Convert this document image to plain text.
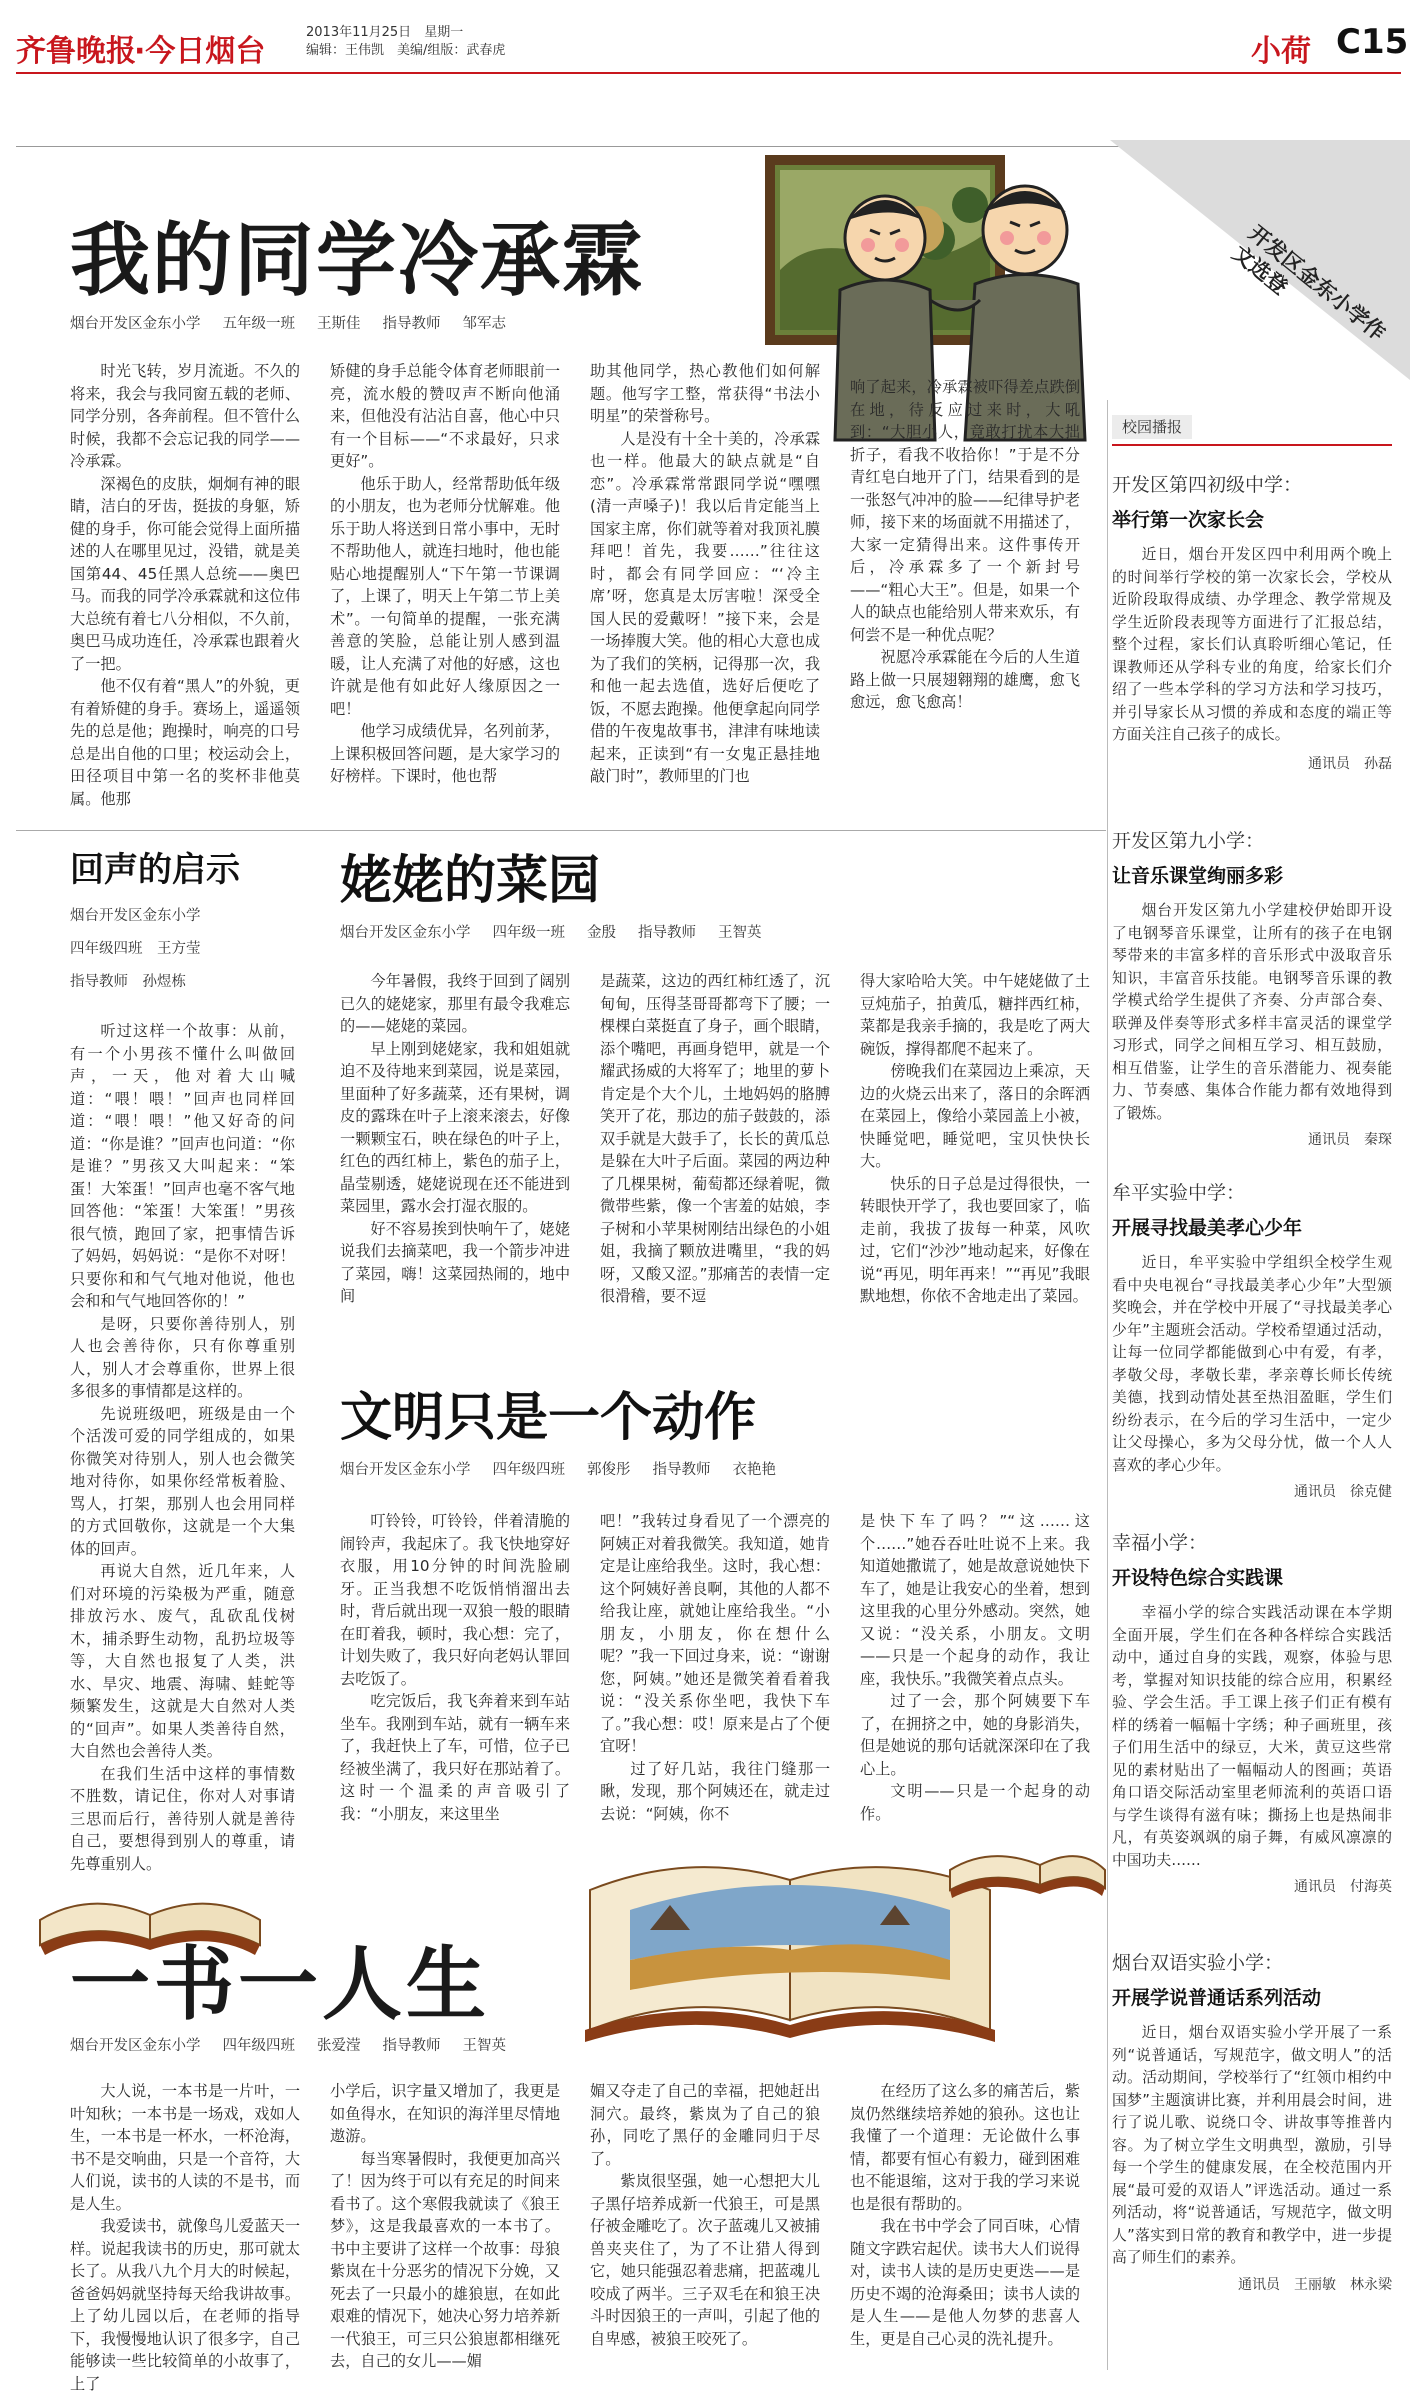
齐鲁晚报
·今日烟台
2013年11月25日　 星期一
编辑：王伟凯　美编/组版：武春虎	小荷 C15
开发区金东小学作文选登
我的同学冷承霖
烟台开发区金东小学 五年级一班 王斯佳 指导教师 邹军志

时光飞转，岁月流逝。不久的将来，我会与我同窗五载的老师、同学分别，各奔前程。但不管什么时候，我都不会忘记我的同学——冷承霖。

深褐色的皮肤，炯炯有神的眼睛，洁白的牙齿，挺拔的身躯，矫健的身手，你可能会觉得上面所描述的人在哪里见过，没错，就是美国第44、45任黑人总统——奥巴马。而我的同学冷承霖就和这位伟大总统有着七八分相似，不久前，奥巴马成功连任，冷承霖也跟着火了一把。

他不仅有着“黑人”的外貌，更有着矫健的身手。赛场上，遥遥领先的总是他；跑操时，响亮的口号总是出自他的口里；校运动会上，田径项目中第一名的奖杯非他莫属。他那

矫健的身手总能令体育老师眼前一亮，流水般的赞叹声不断向他涌来，但他没有沾沾自喜，他心中只有一个目标——“不求最好，只求更好”。

他乐于助人，经常帮助低年级的小朋友，也为老师分忧解难。他乐于助人将送到日常小事中，无时不帮助他人，就连扫地时，他也能贴心地提醒别人“下午第一节课调了，上课了，明天上午第二节上美术”。一句简单的提醒，一张充满善意的笑脸，总能让别人感到温暖，让人充满了对他的好感，这也许就是他有如此好人缘原因之一吧！

他学习成绩优异，名列前茅，上课积极回答问题，是大家学习的好榜样。下课时，他也帮

助其他同学，热心教他们如何解题。他写字工整，常获得“书法小明星”的荣誉称号。

人是没有十全十美的，冷承霖也一样。他最大的缺点就是“自恋”。冷承霖常常跟同学说“嘿嘿(清一声嗓子)！我以后肯定能当上国家主席，你们就等着对我顶礼膜拜吧！首先，我要……”往往这时，都会有同学回应：“‘冷主席’呀，您真是太厉害啦！深受全国人民的爱戴呀！”接下来，会是一场捧腹大笑。他的相心大意也成为了我们的笑柄，记得那一次，我和他一起去选值，选好后便吃了饭，不愿去跑操。他便拿起向同学借的午夜鬼故事书，津津有味地读起来，正读到“有一女鬼正悬挂地敲门时”，教师里的门也

响了起来，冷承霖被吓得差点跌倒在地，待反应过来时，大吼到：“大胆小人，竟敢打扰本大拙折子，看我不收拾你！”于是不分青红皂白地开了门，结果看到的是一张怒气冲冲的脸——纪律导护老师，接下来的场面就不用描述了，大家一定猜得出来。这件事传开后，冷承霖多了一个新封号——“粗心大王”。但是，如果一个人的缺点也能给别人带来欢乐，有何尝不是一种优点呢？

祝愿冷承霖能在今后的人生道路上做一只展翅翱翔的雄鹰，愈飞愈远，愈飞愈高！

回声的启示
烟台开发区金东小学
四年级四班　王方莹
指导教师　孙煜栋

听过这样一个故事：从前，有一个小男孩不懂什么叫做回声，一天，他对着大山喊道：“喂！喂！”回声也同样回道：“喂！喂！”他又好奇的问道：“你是谁？”回声也问道：“你是谁？”男孩又大叫起来：“笨蛋！大笨蛋！”回声也毫不客气地回答他：“笨蛋！大笨蛋！”男孩很气愤，跑回了家，把事情告诉了妈妈，妈妈说：“是你不对呀！只要你和和气气地对他说，他也会和和气气地回答你的！”

是呀，只要你善待别人，别人也会善待你，只有你尊重别人，别人才会尊重你，世界上很多很多的事情都是这样的。

先说班级吧，班级是由一个个活泼可爱的同学组成的，如果你微笑对待别人，别人也会微笑地对待你，如果你经常板着脸、骂人，打架，那别人也会用同样的方式回敬你，这就是一个大集体的回声。

再说大自然，近几年来，人们对环境的污染极为严重，随意排放污水、废气，乱砍乱伐树木，捕杀野生动物，乱扔垃圾等等，大自然也报复了人类，洪水、旱灾、地震、海啸、蛙蛇等频繁发生，这就是大自然对人类的“回声”。如果人类善待自然，大自然也会善待人类。

在我们生活中这样的事情数不胜数，请记住，你对人对事请三思而后行，善待别人就是善待自己，要想得到别人的尊重，请先尊重别人。

姥姥的菜园
烟台开发区金东小学 四年级一班 金殷 指导教师 王智英

今年暑假，我终于回到了阔别已久的姥姥家，那里有最令我难忘的——姥姥的菜园。

早上刚到姥姥家，我和姐姐就迫不及待地来到菜园，说是菜园，里面种了好多蔬菜，还有果树，调皮的露珠在叶子上滚来滚去，好像一颗颗宝石，映在绿色的叶子上，红色的西红柿上，紫色的茄子上，晶莹剔透，姥姥说现在还不能进到菜园里，露水会打湿衣服的。

好不容易挨到快响午了，姥姥说我们去摘菜吧，我一个箭步冲进了菜园，嗨！这菜园热闹的，地中间

是蔬菜，这边的西红柿红透了，沉甸甸，压得茎哥哥都弯下了腰；一棵棵白菜挺直了身子，画个眼睛，添个嘴吧，再画身铠甲，就是一个耀武扬威的大将军了；地里的萝卜肯定是个大个儿，土地妈妈的胳膊笑开了花，那边的茄子鼓鼓的，添双手就是大鼓手了，长长的黄瓜总是躲在大叶子后面。菜园的两边种了几棵果树，葡萄都还绿着呢，微微带些紫，像一个害羞的姑娘，李子树和小苹果树刚结出绿色的小姐姐，我摘了颗放进嘴里，“我的妈呀，又酸又涩。”那痛苦的表情一定很滑稽，要不逗

得大家哈哈大笑。中午姥姥做了土豆炖茄子，拍黄瓜，糖拌西红柿，菜都是我亲手摘的，我是吃了两大碗饭，撑得都爬不起来了。

傍晚我们在菜园边上乘凉，天边的火烧云出来了，落日的余晖洒在菜园上，像给小菜园盖上小被，快睡觉吧，睡觉吧，宝贝快快长大。

快乐的日子总是过得很快，一转眼快开学了，我也要回家了，临走前，我拔了拔每一种菜，风吹过，它们“沙沙”地动起来，好像在说“再见，明年再来！”“再见”我眼默地想，你依不舍地走出了菜园。

文明只是一个动作
烟台开发区金东小学 四年级四班 郭俊彤 指导教师 衣艳艳

叮铃铃，叮铃铃，伴着清脆的闹铃声，我起床了。我飞快地穿好衣服，用10分钟的时间洗脸刷牙。正当我想不吃饭悄悄溜出去时，背后就出现一双狼一般的眼睛在盯着我，顿时，我心想：完了，计划失败了，我只好向老妈认罪回去吃饭了。

吃完饭后，我飞奔着来到车站坐车。我刚到车站，就有一辆车来了，我赶快上了车，可惜，位子已经被坐满了，我只好在那站着了。这时一个温柔的声音吸引了我：“小朋友，来这里坐

吧！”我转过身看见了一个漂亮的阿姨正对着我微笑。我知道，她肯定是让座给我坐。这时，我心想：这个阿姨好善良啊，其他的人都不给我让座，就她让座给我坐。“小朋友，小朋友，你在想什么呢？”我一下回过身来，说：“谢谢您，阿姨。”她还是微笑着看着我说：“没关系你坐吧，我快下车了。”我心想：哎！原来是占了个便宜呀！

过了好几站，我往门缝那一瞅，发现，那个阿姨还在，就走过去说：“阿姨，你不

是快下车了吗？”“这……这个……”她吞吞吐吐说不上来。我知道她撒谎了，她是故意说她快下车了，她是让我安心的坐着，想到这里我的心里分外感动。突然，她又说：“没关系，小朋友。文明——只是一个起身的动作，我让座，我快乐。”我微笑着点点头。

过了一会，那个阿姨要下车了，在拥挤之中，她的身影消失，但是她说的那句话就深深印在了我心上。

文明——只是一个起身的动作。

一书一人生
烟台开发区金东小学 四年级四班 张爱滢 指导教师 王智英

大人说，一本书是一片叶，一叶知秋；一本书是一场戏，戏如人生，一本书是一杯水，一杯沧海，书不是交响曲，只是一个音符，大人们说，读书的人读的不是书，而是人生。

我爱读书，就像鸟儿爱蓝天一样。说起我读书的历史，那可就太长了。从我八九个月大的时候起，爸爸妈妈就坚持每天给我讲故事。上了幼儿园以后，在老师的指导下，我慢慢地认识了很多字，自己能够读一些比较简单的小故事了，上了

小学后，识字量又增加了，我更是如鱼得水，在知识的海洋里尽情地遨游。

每当寒暑假时，我便更加高兴了！因为终于可以有充足的时间来看书了。这个寒假我就读了《狼王梦》，这是我最喜欢的一本书了。书中主要讲了这样一个故事：母狼紫岚在十分恶劣的情况下分娩，又死去了一只最小的雄狼崽，在如此艰难的情况下，她决心努力培养新一代狼王，可三只公狼崽都相继死去，自己的女儿——媚

媚又夺走了自己的幸福，把她赶出洞穴。最终，紫岚为了自己的狼孙，同吃了黑仔的金雕同归于尽了。

紫岚很坚强，她一心想把大儿子黑仔培养成新一代狼王，可是黑仔被金雕吃了。次子蓝魂儿又被捕兽夹夹住了，为了不让猎人得到它，她只能强忍着悲痛，把蓝魂儿咬成了两半。三子双毛在和狼王决斗时因狼王的一声叫，引起了他的自卑感，被狼王咬死了。

在经历了这么多的痛苦后，紫岚仍然继续培养她的狼孙。这也让我懂了一个道理：无论做什么事情，都要有恒心有毅力，碰到困难也不能退缩，这对于我的学习来说也是很有帮助的。

我在书中学会了同百味，心情随文字跌宕起伏。读书大人们说得对，读书人读的是历史更迭——是历史不竭的沧海桑田；读书人读的是人生——是他人勿梦的悲喜人生，更是自己心灵的洗礼提升。

校园播报
开发区第四初级中学：
举行第一次家长会

近日，烟台开发区四中利用两个晚上的时间举行学校的第一次家长会，学校从近阶段取得成绩、办学理念、教学常规及学生近阶段表现等方面进行了汇报总结，整个过程，家长们认真聆听细心笔记，任课教师还从学科专业的角度，给家长们介绍了一些本学科的学习方法和学习技巧，并引导家长从习惯的养成和态度的端正等方面关注自己孩子的成长。

通讯员　孙磊
开发区第九小学：
让音乐课堂绚丽多彩

烟台开发区第九小学建校伊始即开设了电钢琴音乐课堂，让所有的孩子在电钢琴带来的丰富多样的音乐形式中汲取音乐知识，丰富音乐技能。电钢琴音乐课的教学模式给学生提供了齐奏、分声部合奏、联弹及伴奏等形式多样丰富灵活的课堂学习形式，同学之间相互学习、相互鼓励，相互借鉴，让学生的音乐潜能力、视奏能力、节奏感、集体合作能力都有效地得到了锻炼。

通讯员　秦琛
牟平实验中学：
开展寻找最美孝心少年

近日，牟平实验中学组织全校学生观看中央电视台“寻找最美孝心少年”大型颁奖晚会，并在学校中开展了“寻找最美孝心少年”主题班会活动。学校希望通过活动，让每一位同学都能做到心中有爱，有孝，孝敬父母，孝敬长辈，孝亲尊长师长传统美德，找到动情处甚至热泪盈眶，学生们纷纷表示，在今后的学习生活中，一定少让父母操心，多为父母分忧，做一个人人喜欢的孝心少年。

通讯员　徐克健
幸福小学：
开设特色综合实践课

幸福小学的综合实践活动课在本学期全面开展，学生们在各种各样综合实践活动中，通过自身的实践，观察，体验与思考，掌握对知识技能的综合应用，积累经验、学会生活。手工课上孩子们正有模有样的绣着一幅幅十字绣；种子画班里，孩子们用生活中的绿豆，大米，黄豆这些常见的素材贴出了一幅幅动人的图画；英语角口语交际活动室里老师流利的英语口语与学生谈得有滋有味；撕扬上也是热闹非凡，有英姿飒飒的扇子舞，有威风凛凛的中国功夫……

通讯员　付海英
烟台双语实验小学：
开展学说普通话系列活动

近日，烟台双语实验小学开展了一系列“说普通话，写规范字，做文明人”的活动。活动期间，学校举行了“红领巾相约中国梦”主题演讲比赛，并利用晨会时间，进行了说儿歌、说绕口令、讲故事等推普内容。为了树立学生文明典型，激励，引导每一个学生的健康发展，在全校范围内开展“最可爱的双语人”评选活动。通过一系列活动，将“说普通话，写规范字，做文明人”落实到日常的教育和教学中，进一步提高了师生们的素养。

通讯员　王丽敏　林永梁
